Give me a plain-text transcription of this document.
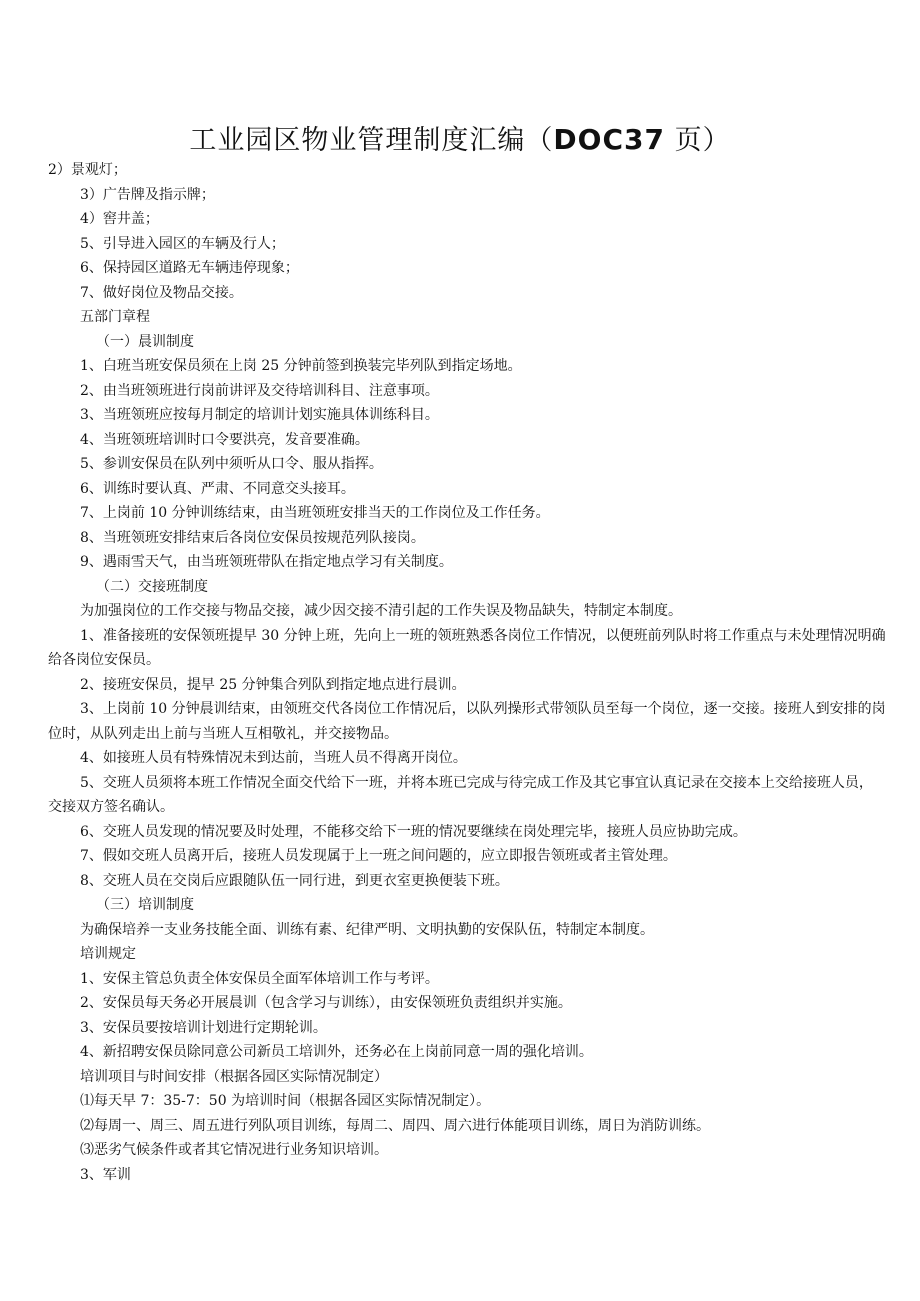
工业园区物业管理制度汇编（DOC37 页）
2）景观灯；
3）广告牌及指示牌；
4）窖井盖；
5、引导进入园区的车辆及行人；
6、保持园区道路无车辆违停现象；
7、做好岗位及物品交接。
五部门章程
（一）晨训制度
1、白班当班安保员须在上岗 25 分钟前签到换装完毕列队到指定场地。
2、由当班领班进行岗前讲评及交待培训科目、注意事项。
3、当班领班应按每月制定的培训计划实施具体训练科目。
4、当班领班培训时口令要洪亮，发音要准确。
5、参训安保员在队列中须听从口令、服从指挥。
6、训练时要认真、严肃、不同意交头接耳。
7、上岗前 10 分钟训练结束，由当班领班安排当天的工作岗位及工作任务。
8、当班领班安排结束后各岗位安保员按规范列队接岗。
9、遇雨雪天气，由当班领班带队在指定地点学习有关制度。
（二）交接班制度
为加强岗位的工作交接与物品交接，减少因交接不清引起的工作失误及物品缺失，特制定本制度。
1、准备接班的安保领班提早 30 分钟上班，先向上一班的领班熟悉各岗位工作情况，以便班前列队时将工作重点与未处理情况明确给各岗位安保员。
2、接班安保员，提早 25 分钟集合列队到指定地点进行晨训。
3、上岗前 10 分钟晨训结束，由领班交代各岗位工作情况后，以队列操形式带领队员至每一个岗位，逐一交接。接班人到安排的岗位时，从队列走出上前与当班人互相敬礼，并交接物品。
4、如接班人员有特殊情况未到达前，当班人员不得离开岗位。
5、交班人员须将本班工作情况全面交代给下一班，并将本班已完成与待完成工作及其它事宜认真记录在交接本上交给接班人员，交接双方签名确认。
6、交班人员发现的情况要及时处理，不能移交给下一班的情况要继续在岗处理完毕，接班人员应协助完成。
7、假如交班人员离开后，接班人员发现属于上一班之间问题的，应立即报告领班或者主管处理。
8、交班人员在交岗后应跟随队伍一同行进，到更衣室更换便装下班。
（三）培训制度
为确保培养一支业务技能全面、训练有素、纪律严明、文明执勤的安保队伍，特制定本制度。
培训规定
1、安保主管总负责全体安保员全面军体培训工作与考评。
2、安保员每天务必开展晨训（包含学习与训练），由安保领班负责组织并实施。
3、安保员要按培训计划进行定期轮训。
4、新招聘安保员除同意公司新员工培训外，还务必在上岗前同意一周的强化培训。
培训项目与时间安排（根据各园区实际情况制定）
⑴每天早 7：35-7：50 为培训时间（根据各园区实际情况制定）。
⑵每周一、周三、周五进行列队项目训练，每周二、周四、周六进行体能项目训练，周日为消防训练。
⑶恶劣气候条件或者其它情况进行业务知识培训。
3、军训
